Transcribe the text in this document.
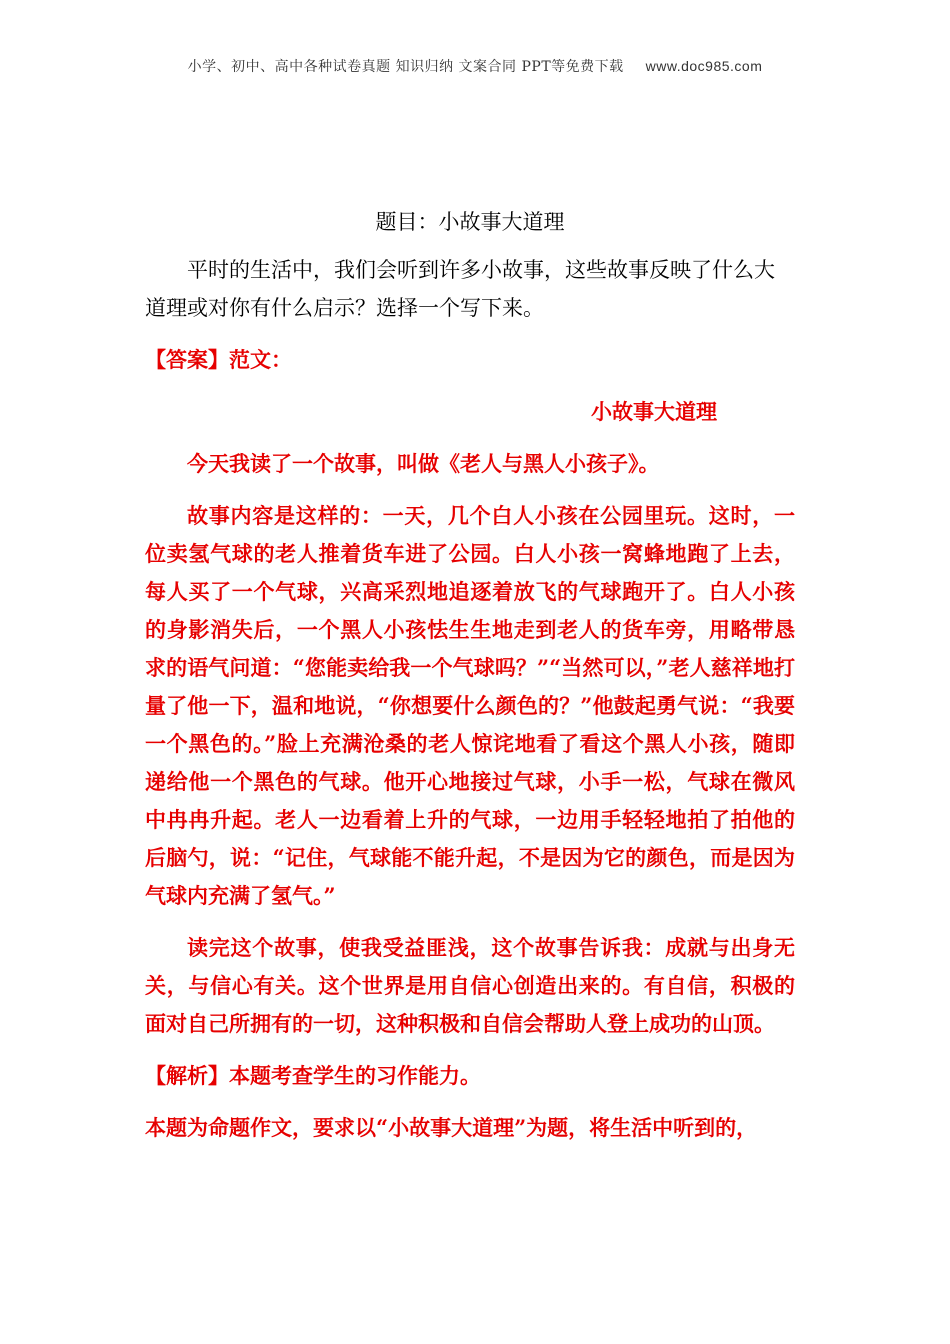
小学、初中、高中各种试卷真题 知识归纳 文案合同 PPT等免费下载 www.doc985.com
题目：小故事大道理
平时的生活中，我们会听到许多小故事，这些故事反映了什么大道理或对你有什么启示？选择一个写下来。
【答案】范文：
小故事大道理
今天我读了一个故事，叫做《老人与黑人小孩子》。
故事内容是这样的：一天，几个白人小孩在公园里玩。这时，一位卖氢气球的老人推着货车进了公园。白人小孩一窝蜂地跑了上去，每人买了一个气球，兴高采烈地追逐着放飞的气球跑开了。白人小孩的身影消失后，一个黑人小孩怯生生地走到老人的货车旁，用略带恳求的语气问道：“您能卖给我一个气球吗？”“当然可以，”老人慈祥地打量了他一下，温和地说，“你想要什么颜色的？”他鼓起勇气说：“我要一个黑色的。”脸上充满沧桑的老人惊诧地看了看这个黑人小孩，随即递给他一个黑色的气球。他开心地接过气球，小手一松，气球在微风中冉冉升起。老人一边看着上升的气球，一边用手轻轻地拍了拍他的后脑勺，说：“记住，气球能不能升起，不是因为它的颜色，而是因为气球内充满了氢气。”
读完这个故事，使我受益匪浅，这个故事告诉我：成就与出身无关，与信心有关。这个世界是用自信心创造出来的。有自信，积极的面对自己所拥有的一切，这种积极和自信会帮助人登上成功的山顶。
【解析】本题考查学生的习作能力。
本题为命题作文，要求以“小故事大道理”为题，将生活中听到的，
